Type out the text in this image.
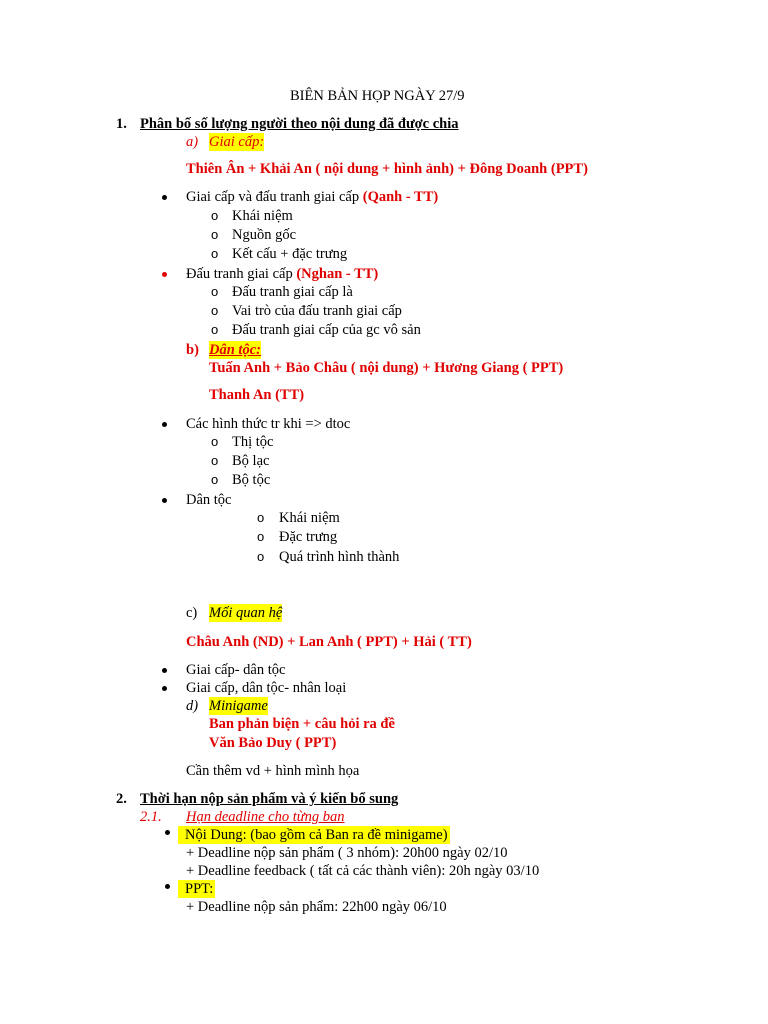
BIÊN BẢN HỌP NGÀY 27/9
1. Phân bố số lượng người theo nội dung đã được chia
a) Giai cấp:
Thiên Ân + Khải An ( nội dung + hình ảnh) + Đông Doanh (PPT)
Giai cấp và đấu tranh giai cấp (Qanh - TT)
o Khái niệm
o Nguồn gốc
o Kết cấu + đặc trưng
Đấu tranh giai cấp (Nghan - TT)
o Đấu tranh giai cấp là
o Vai trò của đấu tranh giai cấp
o Đấu tranh giai cấp của gc vô sản
b) Dân tộc:
Tuấn Anh + Bảo Châu ( nội dung) + Hương Giang ( PPT)
Thanh An (TT)
Các hình thức tr khi => dtoc
o Thị tộc
o Bộ lạc
o Bộ tộc
Dân tộc
o Khái niệm
o Đặc trưng
o Quá trình hình thành
c) Mối quan hệ
Châu Anh (ND) + Lan Anh ( PPT) + Hải ( TT)
Giai cấp- dân tộc
Giai cấp, dân tộc- nhân loại
d) Minigame
Ban phản biện + câu hỏi ra đề
Văn Bảo Duy ( PPT)
Cần thêm vd + hình mình họa
2. Thời hạn nộp sản phẩm và ý kiến bổ sung
2.1. Hạn deadline cho từng ban
Nội Dung: (bao gồm cả Ban ra đề minigame)
+ Deadline nộp sản phẩm ( 3 nhóm): 20h00 ngày 02/10
+ Deadline feedback ( tất cả các thành viên): 20h ngày 03/10
PPT:
+ Deadline nộp sản phẩm: 22h00 ngày 06/10
